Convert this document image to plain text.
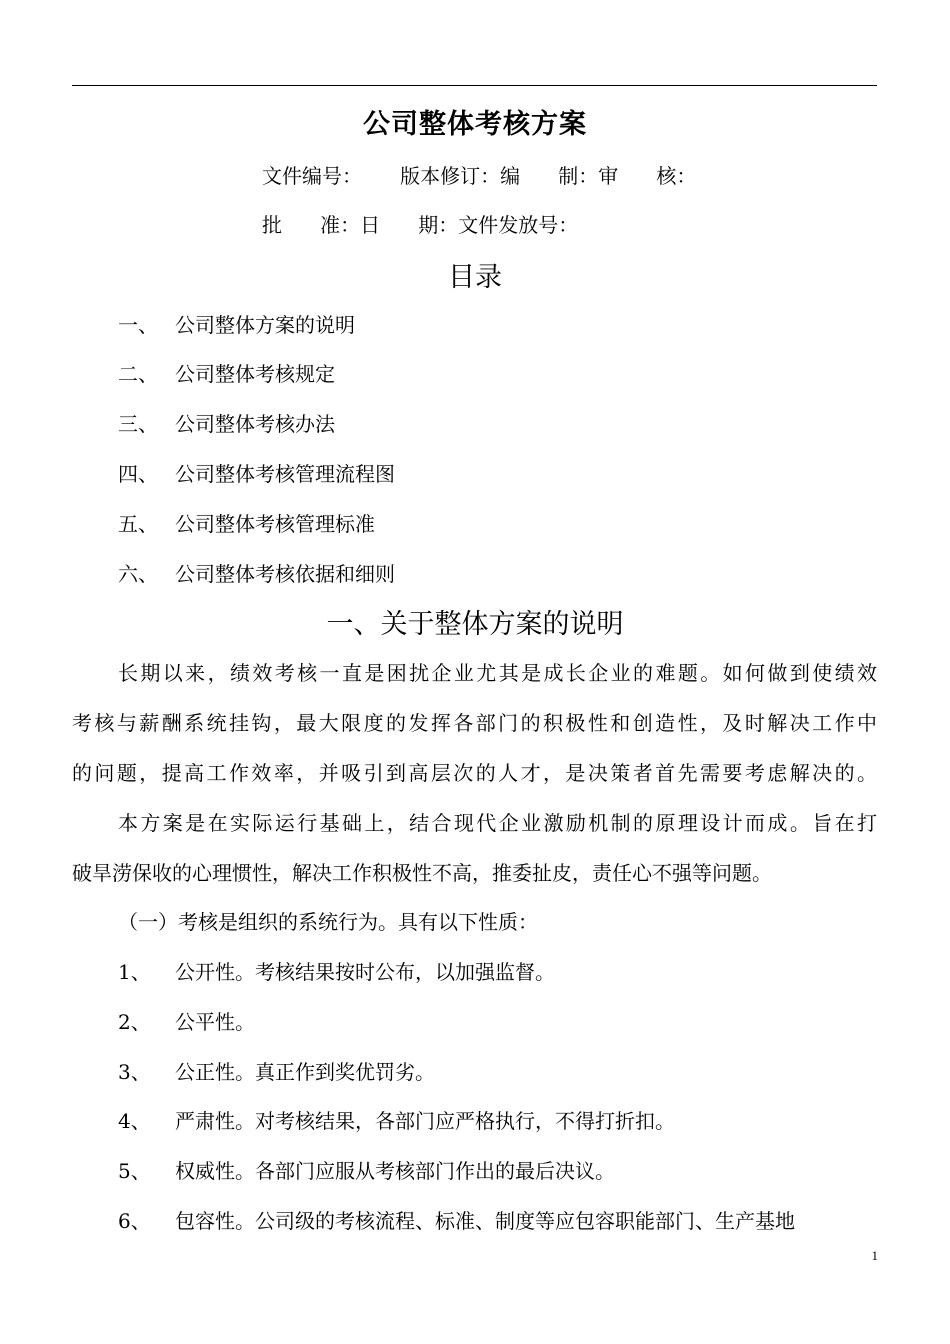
公司整体考核方案
文件编号：      版本修订：编      制：审      核：
批      准：日      期：文件发放号：
目录
一、 公司整体方案的说明
二、 公司整体考核规定
三、 公司整体考核办法
四、 公司整体考核管理流程图
五、 公司整体考核管理标准
六、 公司整体考核依据和细则
一、关于整体方案的说明
长期以来，绩效考核一直是困扰企业尤其是成长企业的难题。如何做到使绩效
考核与薪酬系统挂钩，最大限度的发挥各部门的积极性和创造性，及时解决工作中
的问题，提高工作效率，并吸引到高层次的人才，是决策者首先需要考虑解决的。
本方案是在实际运行基础上，结合现代企业激励机制的原理设计而成。旨在打
破旱涝保收的心理惯性，解决工作积极性不高，推委扯皮，责任心不强等问题。
（一）考核是组织的系统行为。具有以下性质：
1、 公开性。考核结果按时公布，以加强监督。
2、 公平性。
3、 公正性。真正作到奖优罚劣。
4、 严肃性。对考核结果，各部门应严格执行，不得打折扣。
5、 权威性。各部门应服从考核部门作出的最后决议。
6、 包容性。公司级的考核流程、标准、制度等应包容职能部门、生产基地
1
